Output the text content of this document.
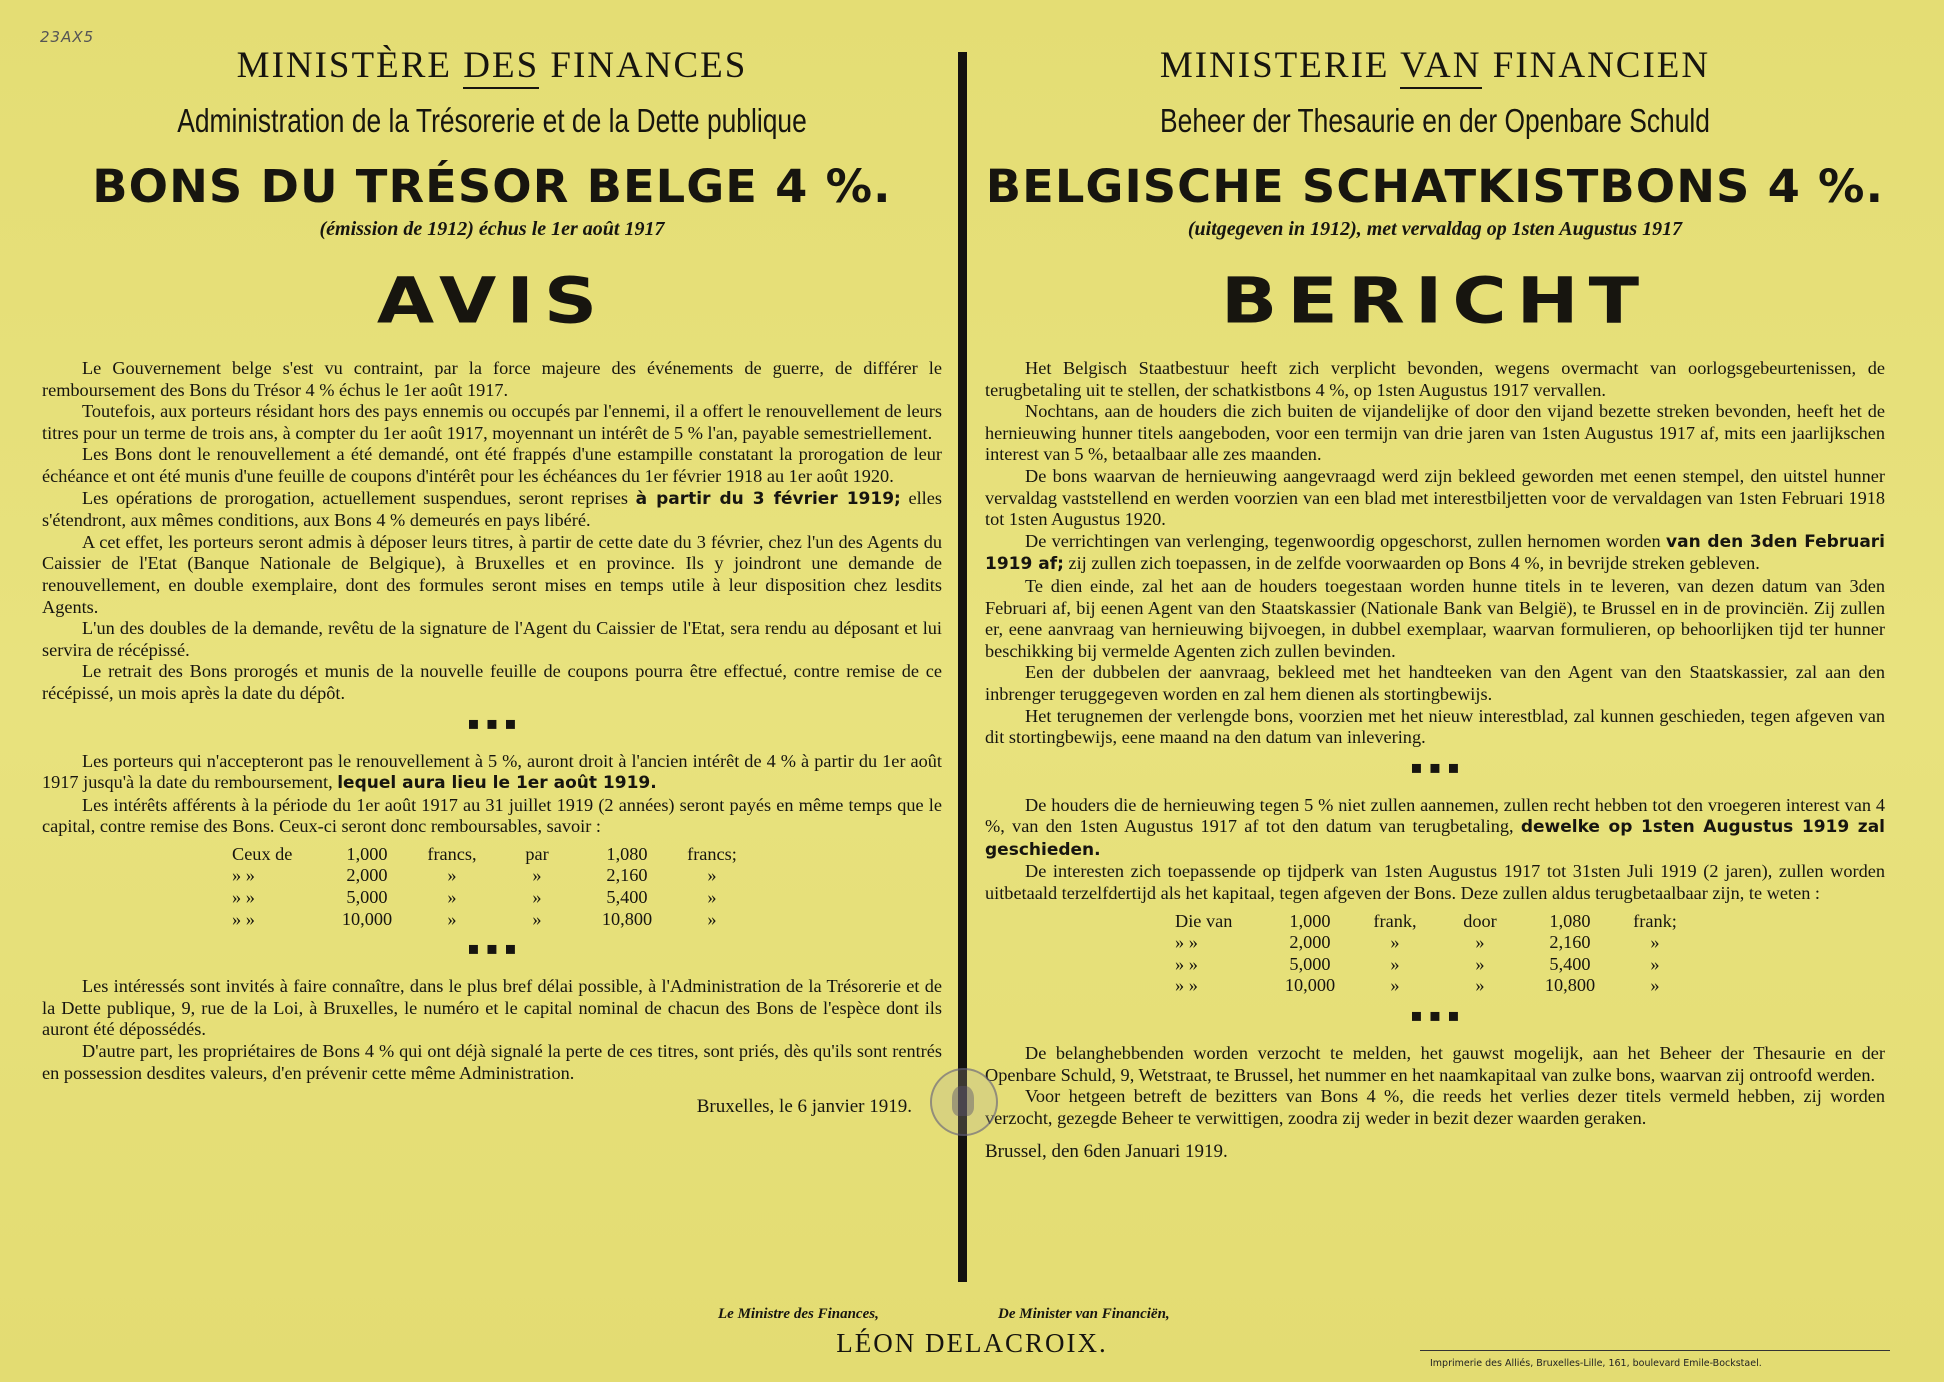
23AX5
MINISTÈRE DES FINANCES
Administration de la Trésorerie et de la Dette publique
BONS DU TRÉSOR BELGE 4 %.
(émission de 1912) échus le 1er août 1917
AVIS

Le Gouvernement belge s'est vu contraint, par la force majeure des événements de guerre, de différer le remboursement des Bons du Trésor 4 % échus le 1er août 1917.

Toutefois, aux porteurs résidant hors des pays ennemis ou occupés par l'ennemi, il a offert le renouvellement de leurs titres pour un terme de trois ans, à compter du 1er août 1917, moyennant un intérêt de 5 % l'an, payable semestriellement.

Les Bons dont le renouvellement a été demandé, ont été frappés d'une estampille constatant la prorogation de leur échéance et ont été munis d'une feuille de coupons d'intérêt pour les échéances du 1er février 1918 au 1er août 1920.

Les opérations de prorogation, actuellement suspendues, seront reprises à partir du 3 février 1919; elles s'étendront, aux mêmes conditions, aux Bons 4 % demeurés en pays libéré.

A cet effet, les porteurs seront admis à déposer leurs titres, à partir de cette date du 3 février, chez l'un des Agents du Caissier de l'Etat (Banque Nationale de Belgique), à Bruxelles et en province. Ils y joindront une demande de renouvellement, en double exemplaire, dont des formules seront mises en temps utile à leur disposition chez lesdits Agents.

L'un des doubles de la demande, revêtu de la signature de l'Agent du Caissier de l'Etat, sera rendu au déposant et lui servira de récépissé.

Le retrait des Bons prorogés et munis de la nouvelle feuille de coupons pourra être effectué, contre remise de ce récépissé, un mois après la date du dépôt.

▪ ▪ ▪

Les porteurs qui n'accepteront pas le renouvellement à 5 %, auront droit à l'ancien intérêt de 4 % à partir du 1er août 1917 jusqu'à la date du remboursement, lequel aura lieu le 1er août 1919.

Les intérêts afférents à la période du 1er août 1917 au 31 juillet 1919 (2 années) seront payés en même temps que le capital, contre remise des Bons. Ceux-ci seront donc remboursables, savoir :

Ceux de	1,000	francs,	par	1,080	francs;
» »	2,000	»	»	2,160	»
» »	5,000	»	»	5,400	»
» »	10,000	»	»	10,800	»
▪ ▪ ▪

Les intéressés sont invités à faire connaître, dans le plus bref délai possible, à l'Administration de la Trésorerie et de la Dette publique, 9, rue de la Loi, à Bruxelles, le numéro et le capital nominal de chacun des Bons de l'espèce dont ils auront été dépossédés.

D'autre part, les propriétaires de Bons 4 % qui ont déjà signalé la perte de ces titres, sont priés, dès qu'ils sont rentrés en possession desdites valeurs, d'en prévenir cette même Administration.

Bruxelles, le 6 janvier 1919.
MINISTERIE VAN FINANCIEN
Beheer der Thesaurie en der Openbare Schuld
BELGISCHE SCHATKISTBONS 4 %.
(uitgegeven in 1912), met vervaldag op 1sten Augustus 1917
BERICHT

Het Belgisch Staatbestuur heeft zich verplicht bevonden, wegens overmacht van oorlogsgebeurtenissen, de terugbetaling uit te stellen, der schatkistbons 4 %, op 1sten Augustus 1917 vervallen.

Nochtans, aan de houders die zich buiten de vijandelijke of door den vijand bezette streken bevonden, heeft het de hernieuwing hunner titels aangeboden, voor een termijn van drie jaren van 1sten Augustus 1917 af, mits een jaarlijkschen interest van 5 %, betaalbaar alle zes maanden.

De bons waarvan de hernieuwing aangevraagd werd zijn bekleed geworden met eenen stempel, den uitstel hunner vervaldag vaststellend en werden voorzien van een blad met interestbiljetten voor de vervaldagen van 1sten Februari 1918 tot 1sten Augustus 1920.

De verrichtingen van verlenging, tegenwoordig opgeschorst, zullen hernomen worden van den 3den Februari 1919 af; zij zullen zich toepassen, in de zelfde voorwaarden op Bons 4 %, in bevrijde streken gebleven.

Te dien einde, zal het aan de houders toegestaan worden hunne titels in te leveren, van dezen datum van 3den Februari af, bij eenen Agent van den Staatskassier (Nationale Bank van België), te Brussel en in de provinciën. Zij zullen er, eene aanvraag van hernieuwing bijvoegen, in dubbel exemplaar, waarvan formulieren, op behoorlijken tijd ter hunner beschikking bij vermelde Agenten zich zullen bevinden.

Een der dubbelen der aanvraag, bekleed met het handteeken van den Agent van den Staatskassier, zal aan den inbrenger teruggegeven worden en zal hem dienen als stortingbewijs.

Het terugnemen der verlengde bons, voorzien met het nieuw interestblad, zal kunnen geschieden, tegen afgeven van dit stortingbewijs, eene maand na den datum van inlevering.

▪ ▪ ▪

De houders die de hernieuwing tegen 5 % niet zullen aannemen, zullen recht hebben tot den vroegeren interest van 4 %, van den 1sten Augustus 1917 af tot den datum van terugbetaling, dewelke op 1sten Augustus 1919 zal geschieden.

De interesten zich toepassende op tijdperk van 1sten Augustus 1917 tot 31sten Juli 1919 (2 jaren), zullen worden uitbetaald terzelfdertijd als het kapitaal, tegen afgeven der Bons. Deze zullen aldus terugbetaalbaar zijn, te weten :

Die van	1,000	frank,	door	1,080	frank;
» »	2,000	»	»	2,160	»
» »	5,000	»	»	5,400	»
» »	10,000	»	»	10,800	»
▪ ▪ ▪

De belanghebbenden worden verzocht te melden, het gauwst mogelijk, aan het Beheer der Thesaurie en der Openbare Schuld, 9, Wetstraat, te Brussel, het nummer en het naamkapitaal van zulke bons, waarvan zij ontroofd werden.

Voor hetgeen betreft de bezitters van Bons 4 %, die reeds het verlies dezer titels vermeld hebben, zij worden verzocht, gezegde Beheer te verwittigen, zoodra zij weder in bezit dezer waarden geraken.

Brussel, den 6den Januari 1919.
Le Ministre des Finances,	De Minister van Financiën,
LÉON DELACROIX.
Imprimerie des Alliés, Bruxelles-Lille, 161, boulevard Emile-Bockstael.
